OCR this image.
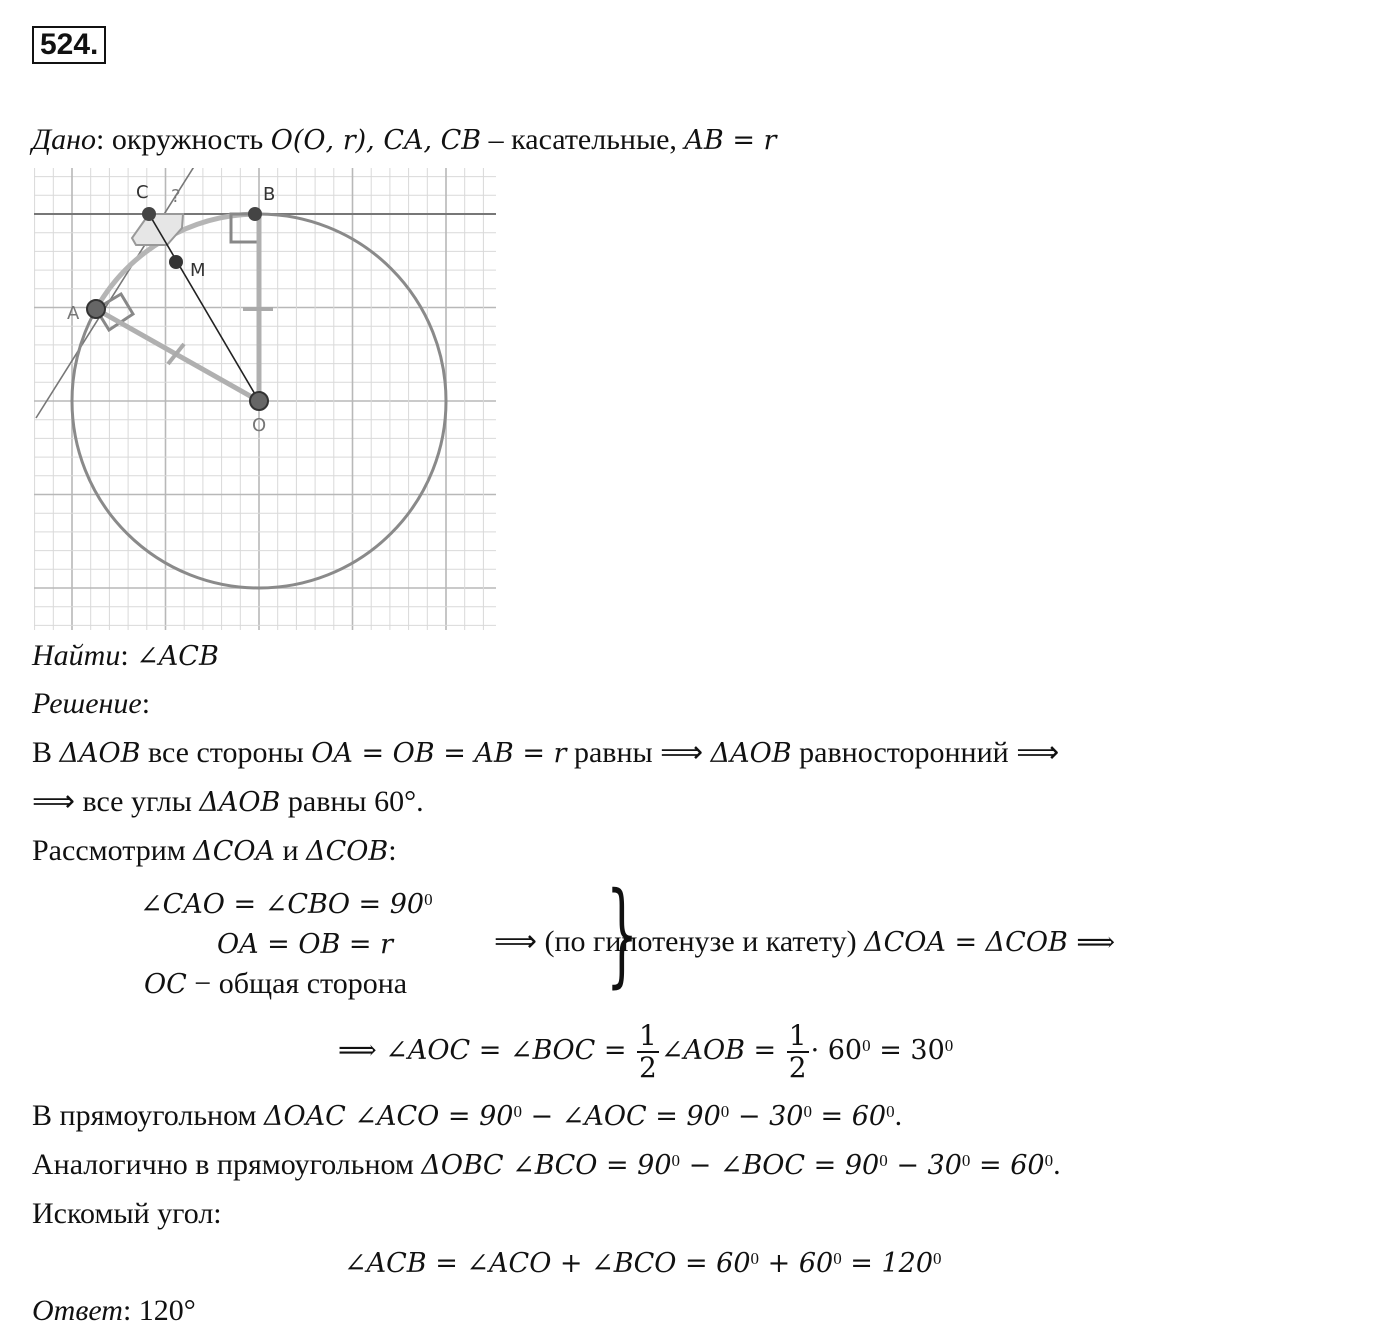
524.
Дано: окружность 𝑂(𝑂, 𝑟), 𝐶𝐴, 𝐶𝐵 – касательные, 𝐴𝐵 = 𝑟
C ?	B
M
A
O
Найти: ∠𝐴𝐶𝐵
Решение:
В Δ𝐴𝑂𝐵 все стороны 𝑂𝐴 = 𝑂𝐵 = 𝐴𝐵 = 𝑟 равны ⟹ Δ𝐴𝑂𝐵 равносторонний ⟹
⟹ все углы Δ𝐴𝑂𝐵 равны 60°.
Рассмотрим Δ𝐶𝑂𝐴 и Δ𝐶𝑂𝐵:
∠𝐶𝐴𝑂 = ∠𝐶𝐵𝑂 = $90^0$
𝑂𝐴 = 𝑂𝐵 = 𝑟
𝑂𝐶 − общая сторона	}
⟹ (по гипотенузе и катету) Δ𝐶𝑂𝐴 = Δ𝐶𝑂𝐵 ⟹
⟹ ∠𝐴𝑂𝐶 = ∠𝐵𝑂𝐶 = $\frac{1}{2}$ ∠𝐴𝑂𝐵 = $\frac{1}{2} \cdot 60^0 = 30^0$
В прямоугольном Δ𝑂𝐴𝐶 ∠𝐴𝐶𝑂 = $90^0$ − ∠𝐴𝑂𝐶 = $90^0 - 30^0 = 60^0$.
Аналогично в прямоугольном Δ𝑂𝐵𝐶 ∠𝐵𝐶𝑂 = $90^0$ − ∠𝐵𝑂𝐶 = $90^0 - 30^0 = 60^0$.
Искомый угол:
∠𝐴𝐶𝐵 = ∠𝐴𝐶𝑂 + ∠𝐵𝐶𝑂 = $60^0 + 60^0 = 120^0$
Ответ: 120°
